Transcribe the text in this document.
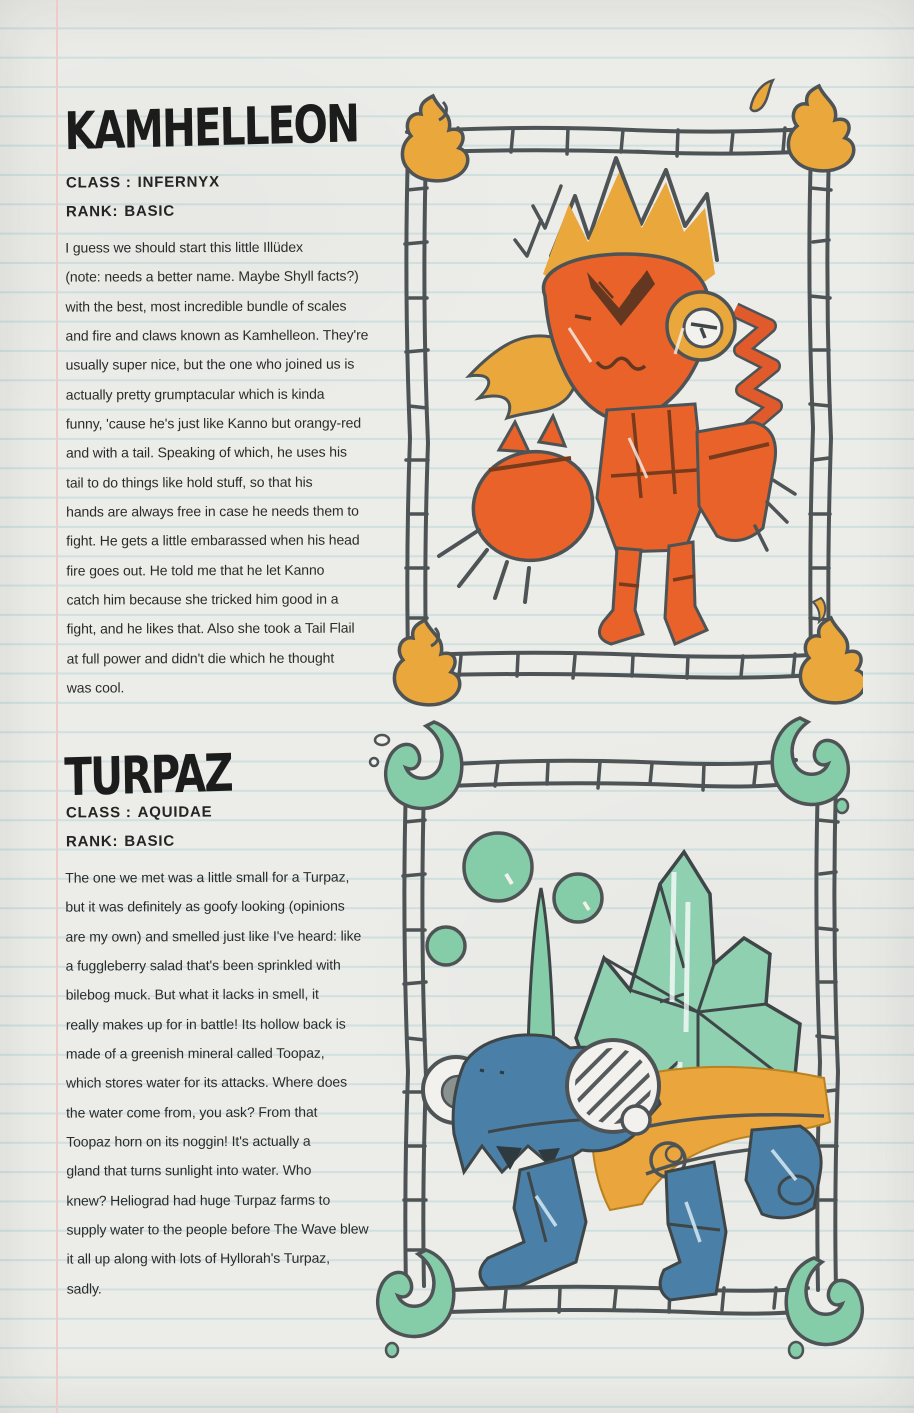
KAMHELLEON
CLASS : INFERNYX
RANK: BASIC
I guess we should start this little Illüdex
(note: needs a better name. Maybe Shyll facts?)
with the best, most incredible bundle of scales
and fire and claws known as Kamhelleon. They're
usually super nice, but the one who joined us is
actually pretty grumptacular which is kinda
funny, 'cause he's just like Kanno but orangy-red
and with a tail. Speaking of which, he uses his
tail to do things like hold stuff, so that his
hands are always free in case he needs them to
fight. He gets a little embarassed when his head
fire goes out. He told me that he let Kanno
catch him because she tricked him good in a
fight, and he likes that. Also she took a Tail Flail
at full power and didn't die which he thought
was cool.
TURPAZ
CLASS : AQUIDAE
RANK: BASIC
The one we met was a little small for a Turpaz,
but it was definitely as goofy looking (opinions
are my own) and smelled just like I've heard: like
a fuggleberry salad that's been sprinkled with
bilebog muck. But what it lacks in smell, it
really makes up for in battle! Its hollow back is
made of a greenish mineral called Toopaz,
which stores water for its attacks. Where does
the water come from, you ask? From that
Toopaz horn on its noggin! It's actually a
gland that turns sunlight into water. Who
knew? Heliograd had huge Turpaz farms to
supply water to the people before The Wave blew
it all up along with lots of Hyllorah's Turpaz,
sadly.
